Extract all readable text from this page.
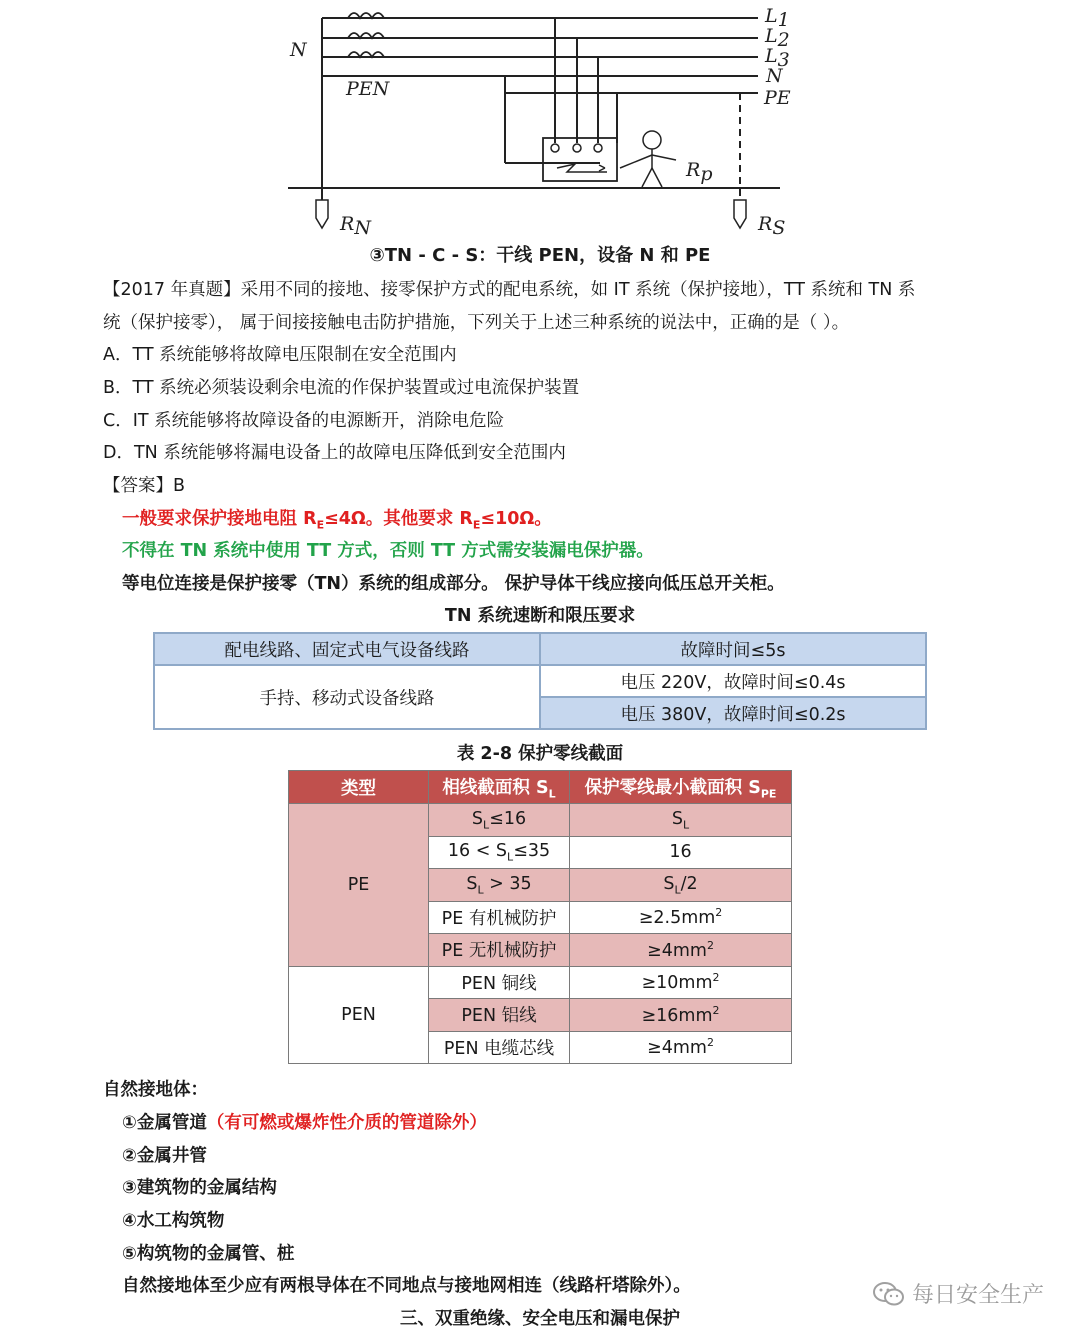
N
PEN
L1
L2
L3
N
PE
Rp
RN	RS
③TN - C - S：干线 PEN，设备 N 和 PE
【2017 年真题】采用不同的接地、接零保护方式的配电系统，如 IT 系统（保护接地），TT 系统和 TN 系
统（保护接零）， 属于间接接触电击防护措施，下列关于上述三种系统的说法中，正确的是（ ）。
A．TT 系统能够将故障电压限制在安全范围内
B．TT 系统必须装设剩余电流的作保护装置或过电流保护装置
C．IT 系统能够将故障设备的电源断开，消除电危险
D．TN 系统能够将漏电设备上的故障电压降低到安全范围内
【答案】B
一般要求保护接地电阻 $R_E\le 4\Omega$。其他要求 $R_E\le 10\Omega$。
不得在 TN 系统中使用 TT 方式，否则 TT 方式需安装漏电保护器。
等电位连接是保护接零（TN）系统的组成部分。 保护导体干线应接向低压总开关柜。
TN 系统速断和限压要求
配电线路、固定式电气设备线路	故障时间≤5s
手持、移动式设备线路	电压 220V，故障时间≤0.4s
	电压 380V，故障时间≤0.2s
表 2-8 保护零线截面
类型	相线截面积 $S_L$	保护零线最小截面积 $S_{PE}$
PE	$S_L\le 16$	$S_L$
	$16 < S_L\le 35$	16
	$S_L > 35$	$S_L/2$
	PE 有机械防护	$\ge 2.5mm^2$
	PE 无机械防护	$\ge 4mm^2$
PEN	PEN 铜线	$\ge 10mm^2$
	PEN 铝线	$\ge 16mm^2$
	PEN 电缆芯线	$\ge 4mm^2$
自然接地体：
①金属管道（有可燃或爆炸性介质的管道除外）
②金属井管
③建筑物的金属结构
④水工构筑物
⑤构筑物的金属管、桩
自然接地体至少应有两根导体在不同地点与接地网相连（线路杆塔除外）。
三、双重绝缘、安全电压和漏电保护
每日安全生产
